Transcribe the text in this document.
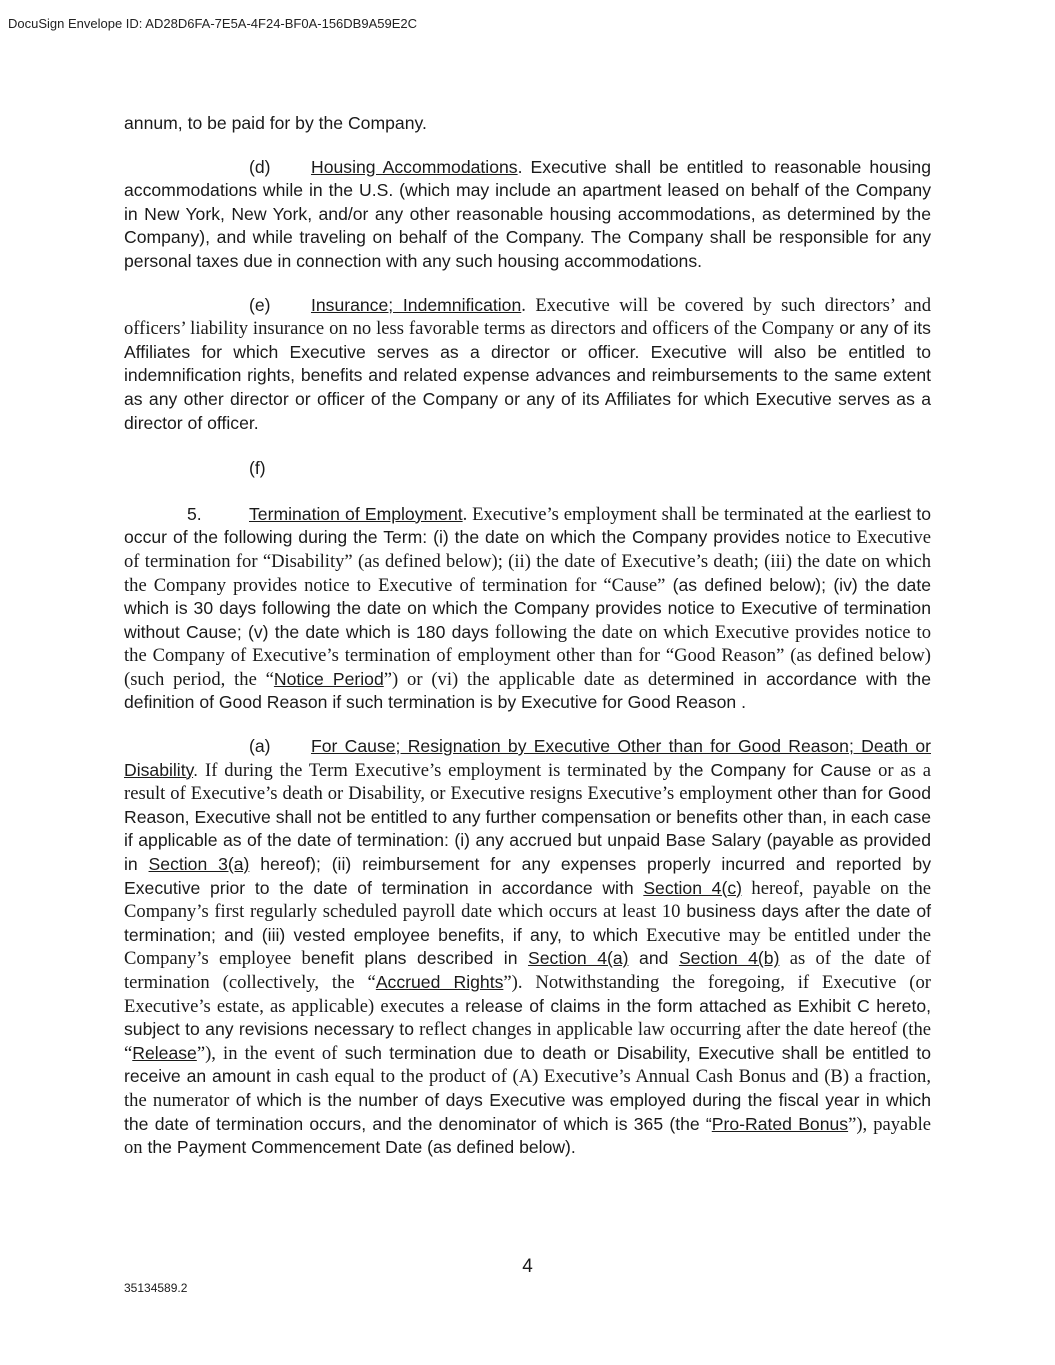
DocuSign Envelope ID: AD28D6FA-7E5A-4F24-BF0A-156DB9A59E2C

annum, to be paid for by the Company.

(d) Housing Accommodations. Executive shall be entitled to reasonable housing accommodations while in the U.S. (which may include an apartment leased on behalf of the Company in New York, New York, and/or any other reasonable housing accommodations, as determined by the Company), and while traveling on behalf of the Company. The Company shall be responsible for any personal taxes due in connection with any such housing accommodations.

(e) Insurance; Indemnification. Executive will be covered by such directors’ and officers’ liability insurance on no less favorable terms as directors and officers of the Company or any of its Affiliates for which Executive serves as a director or officer. Executive will also be entitled to indemnification rights, benefits and related expense advances and reimbursements to the same extent as any other director or officer of the Company or any of its Affiliates for which Executive serves as a director of officer.

(f)

5.	Termination of Employment. Executive’s employment shall be terminated at the earliest to occur of the following during the Term: (i) the date on which the Company provides notice to Executive of termination for “Disability” (as defined below); (ii) the date of Executive’s death; (iii) the date on which the Company provides notice to Executive of termination for “Cause” (as defined below); (iv) the date which is 30 days following the date on which the Company provides notice to Executive of termination without Cause; (v) the date which is 180 days following the date on which Executive provides notice to the Company of Executive’s termination of employment other than for “Good Reason” (as defined below) (such period, the “Notice Period”) or (vi) the applicable date as determined in accordance with the definition of Good Reason if such termination is by Executive for Good Reason .

(a) For Cause; Resignation by Executive Other than for Good Reason; Death or Disability. If during the Term Executive’s employment is terminated by the Company for Cause or as a result of Executive’s death or Disability, or Executive resigns Executive’s employment other than for Good Reason, Executive shall not be entitled to any further compensation or benefits other than, in each case if applicable as of the date of termination: (i) any accrued but unpaid Base Salary (payable as provided in Section 3(a) hereof); (ii) reimbursement for any expenses properly incurred and reported by Executive prior to the date of termination in accordance with Section 4(c) hereof, payable on the Company’s first regularly scheduled payroll date which occurs at least 10 business days after the date of termination; and (iii) vested employee benefits, if any, to which Executive may be entitled under the Company’s employee benefit plans described in Section 4(a) and Section 4(b) as of the date of termination (collectively, the “Accrued Rights”). Notwithstanding the foregoing, if Executive (or Executive’s estate, as applicable) executes a release of claims in the form attached as Exhibit C hereto, subject to any revisions necessary to reflect changes in applicable law occurring after the date hereof (the “Release”), in the event of such termination due to death or Disability, Executive shall be entitled to receive an amount in cash equal to the product of (A) Executive’s Annual Cash Bonus and (B) a fraction, the numerator of which is the number of days Executive was employed during the fiscal year in which the date of termination occurs, and the denominator of which is 365 (the “Pro-Rated Bonus”), payable on the Payment Commencement Date (as defined below).

4
35134589.2
